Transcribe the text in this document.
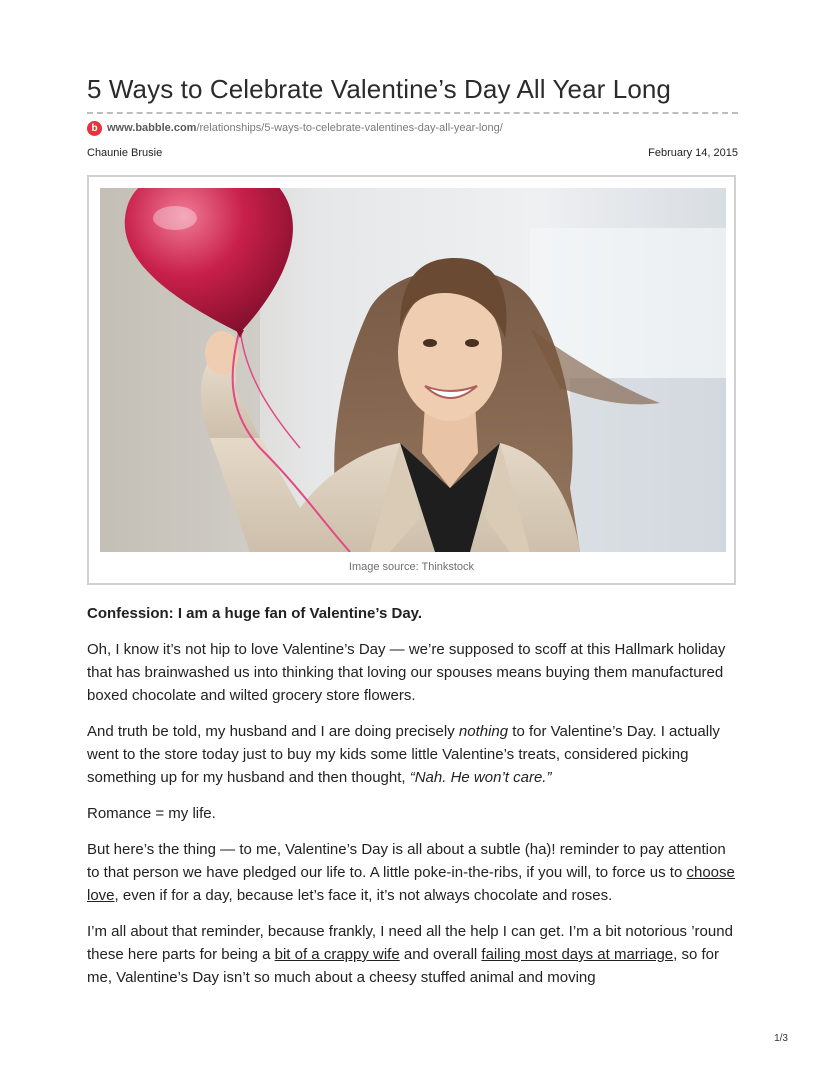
5 Ways to Celebrate Valentine’s Day All Year Long
b www.babble.com/relationships/5-ways-to-celebrate-valentines-day-all-year-long/
Chaunie Brusie	February 14, 2015
Image source: Thinkstock

Confession: I am a huge fan of Valentine’s Day.

Oh, I know it’s not hip to love Valentine’s Day — we’re supposed to scoff at this Hallmark holiday that has brainwashed us into thinking that loving our spouses means buying them manufactured boxed chocolate and wilted grocery store flowers.

And truth be told, my husband and I are doing precisely nothing to for Valentine’s Day. I actually went to the store today just to buy my kids some little Valentine’s treats, considered picking something up for my husband and then thought, “Nah. He won’t care.”

Romance = my life.

But here’s the thing — to me, Valentine’s Day is all about a subtle (ha)! reminder to pay attention to that person we have pledged our life to. A little poke-in-the-ribs, if you will, to force us to choose love, even if for a day, because let’s face it, it’s not always chocolate and roses.

I’m all about that reminder, because frankly, I need all the help I can get. I’m a bit notorious ’round these here parts for being a bit of a crappy wife and overall failing most days at marriage, so for me, Valentine’s Day isn’t so much about a cheesy stuffed animal and moving

1/3
